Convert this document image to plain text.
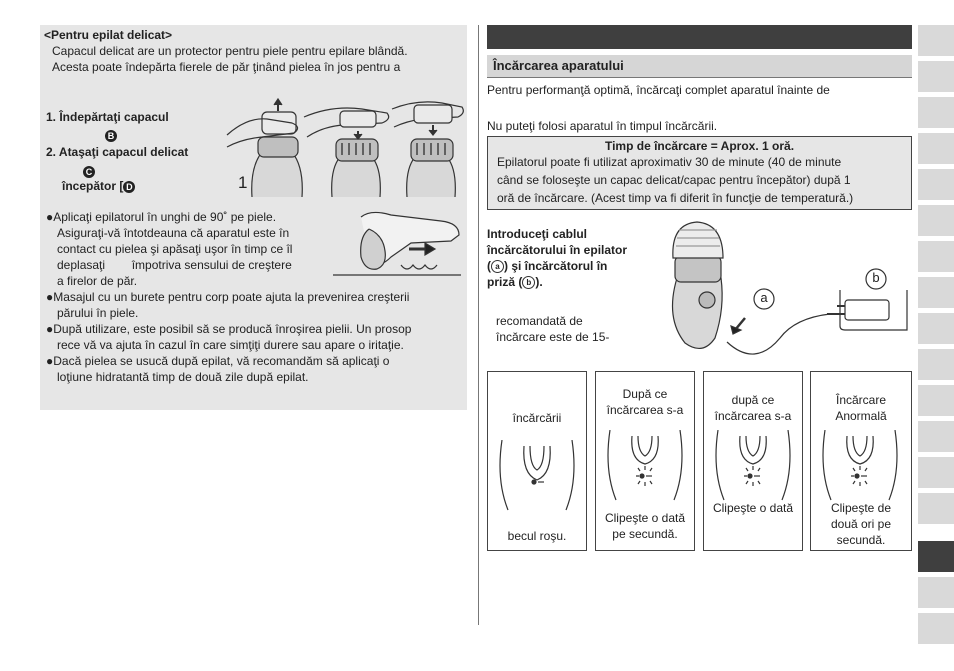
<Pentru epilat delicat>
Capacul delicat are un protector pentru piele pentru epilare blândă.
Acesta poate îndepărta fierele de păr ţinând pielea în jos pentru a
1. Îndepărtaţi capacul
B
2. Ataşaţi capacul delicat
C
începător [ D	1
●Aplicaţi epilatorul în unghi de 90˚ pe piele.
Asiguraţi-vă întotdeauna că aparatul este în
contact cu pielea şi apăsaţi uşor în timp ce îl
deplasaţi        împotriva sensului de creştere
a firelor de păr.
●Masajul cu un burete pentru corp poate ajuta la prevenirea creşterii
părului în piele.
●După utilizare, este posibil să se producă înroşirea pielii. Un prosop
rece vă va ajuta în cazul în care simţiţi durere sau apare o iritaţie.
●Dacă pielea se usucă după epilat, vă recomandăm să aplicaţi o
loţiune hidratantă timp de două zile după epilat.
Încărcarea aparatului
Pentru performanţă optimă, încărcaţi complet aparatul înainte de
Nu puteţi folosi aparatul în timpul încărcării.
Timp de încărcare = Aprox. 1 oră.
Epilatorul poate fi utilizat aproximativ 30 de minute (40 de minute
când se foloseşte un capac delicat/capac pentru începător) după 1
oră de încărcare. (Acest timp va fi diferit în funcţie de temperatură.)
Introduceţi cablul
încărcătorului în epilator
( a ) şi încărcătorul în
priză ( b ).
recomandată de
încărcare este de 15-
a
b
încărcării
becul roşu.
După ce
încărcarea s-a
Clipeşte o dată
pe secundă.
după ce
încărcarea s-a
Clipeşte o dată
Încărcare
Anormală
Clipeşte de
două ori pe
secundă.
